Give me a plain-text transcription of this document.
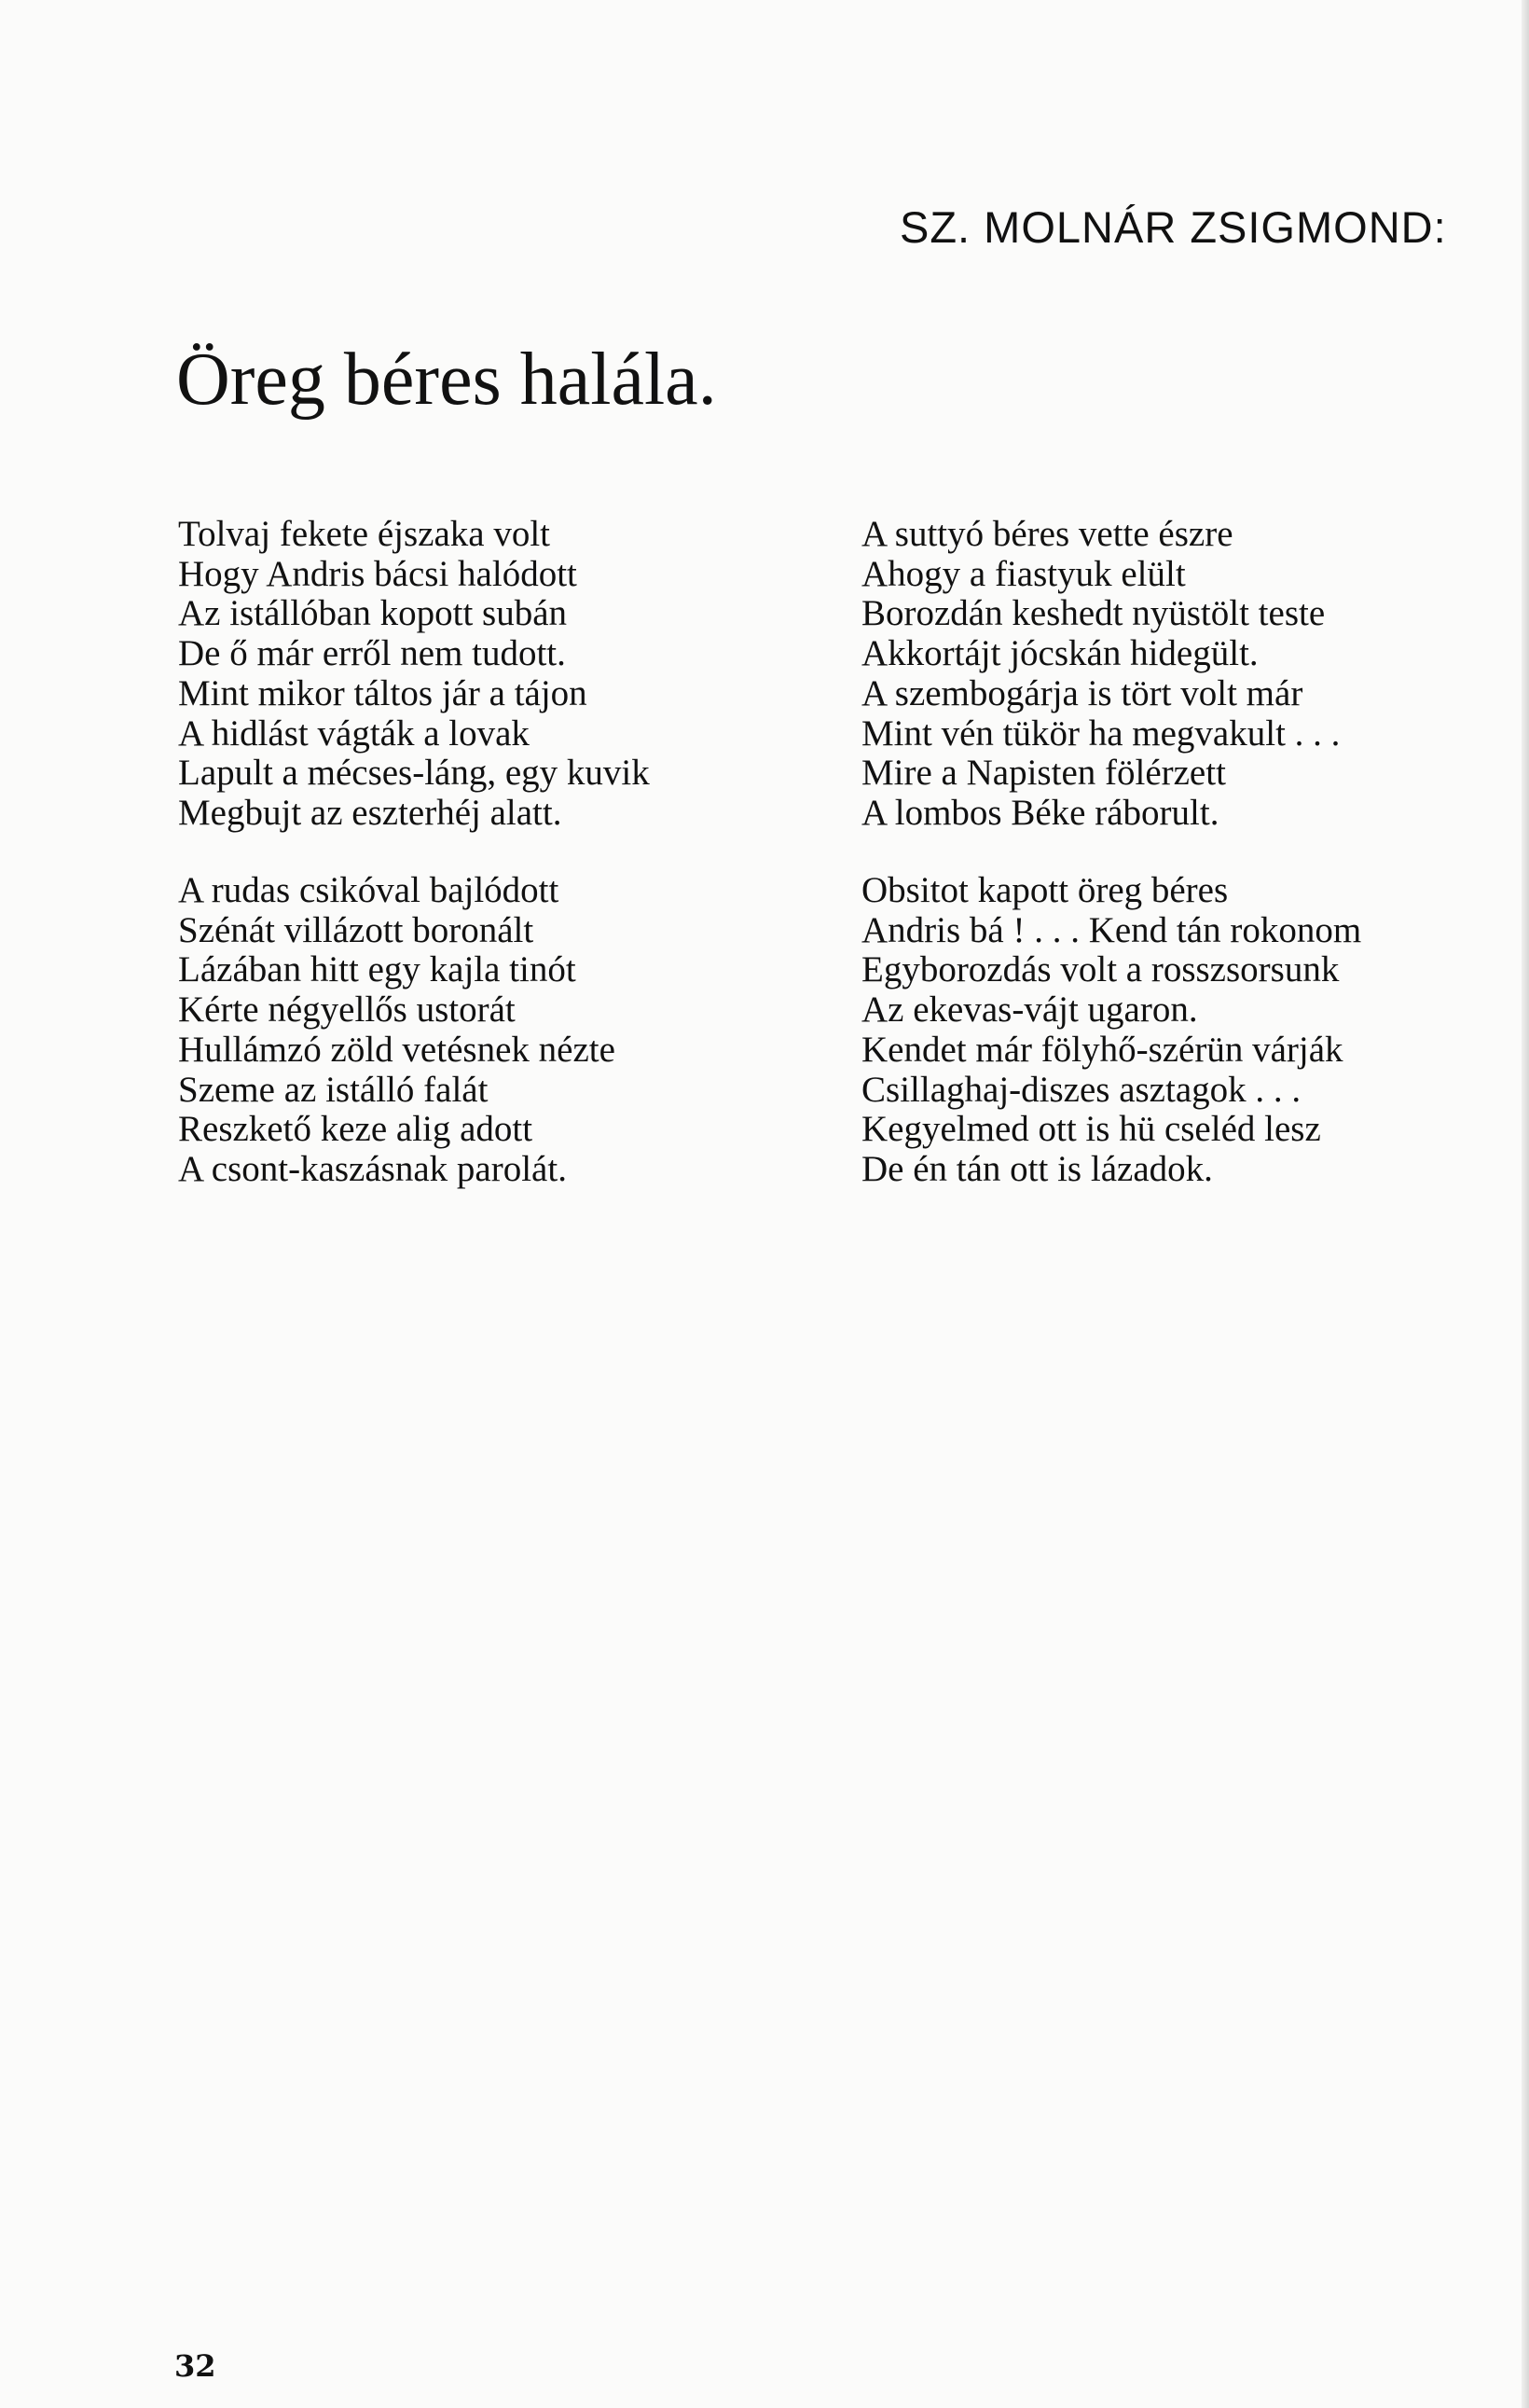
SZ. MOLNÁR ZSIGMOND:
Öreg béres halála.
Tolvaj fekete éjszaka volt
Hogy Andris bácsi halódott
Az istállóban kopott subán
De ő már erről nem tudott.
Mint mikor táltos jár a tájon
A hidlást vágták a lovak
Lapult a mécses-láng, egy kuvik
Megbujt az eszterhéj alatt.
A rudas csikóval bajlódott
Szénát villázott boronált
Lázában hitt egy kajla tinót
Kérte négyellős ustorát
Hullámzó zöld vetésnek nézte
Szeme az istálló falát
Reszkető keze alig adott
A csont-kaszásnak parolát.
A suttyó béres vette észre
Ahogy a fiastyuk elült
Borozdán keshedt nyüstölt teste
Akkortájt jócskán hidegült.
A szembogárja is tört volt már
Mint vén tükör ha megvakult . . .
Mire a Napisten fölérzett
A lombos Béke ráborult.
Obsitot kapott öreg béres
Andris bá ! . . . Kend tán rokonom
Egyborozdás volt a rosszsorsunk
Az ekevas-vájt ugaron.
Kendet már fölyhő-szérün várják
Csillaghaj-diszes asztagok . . .
Kegyelmed ott is hü cseléd lesz
De én tán ott is lázadok.
32
